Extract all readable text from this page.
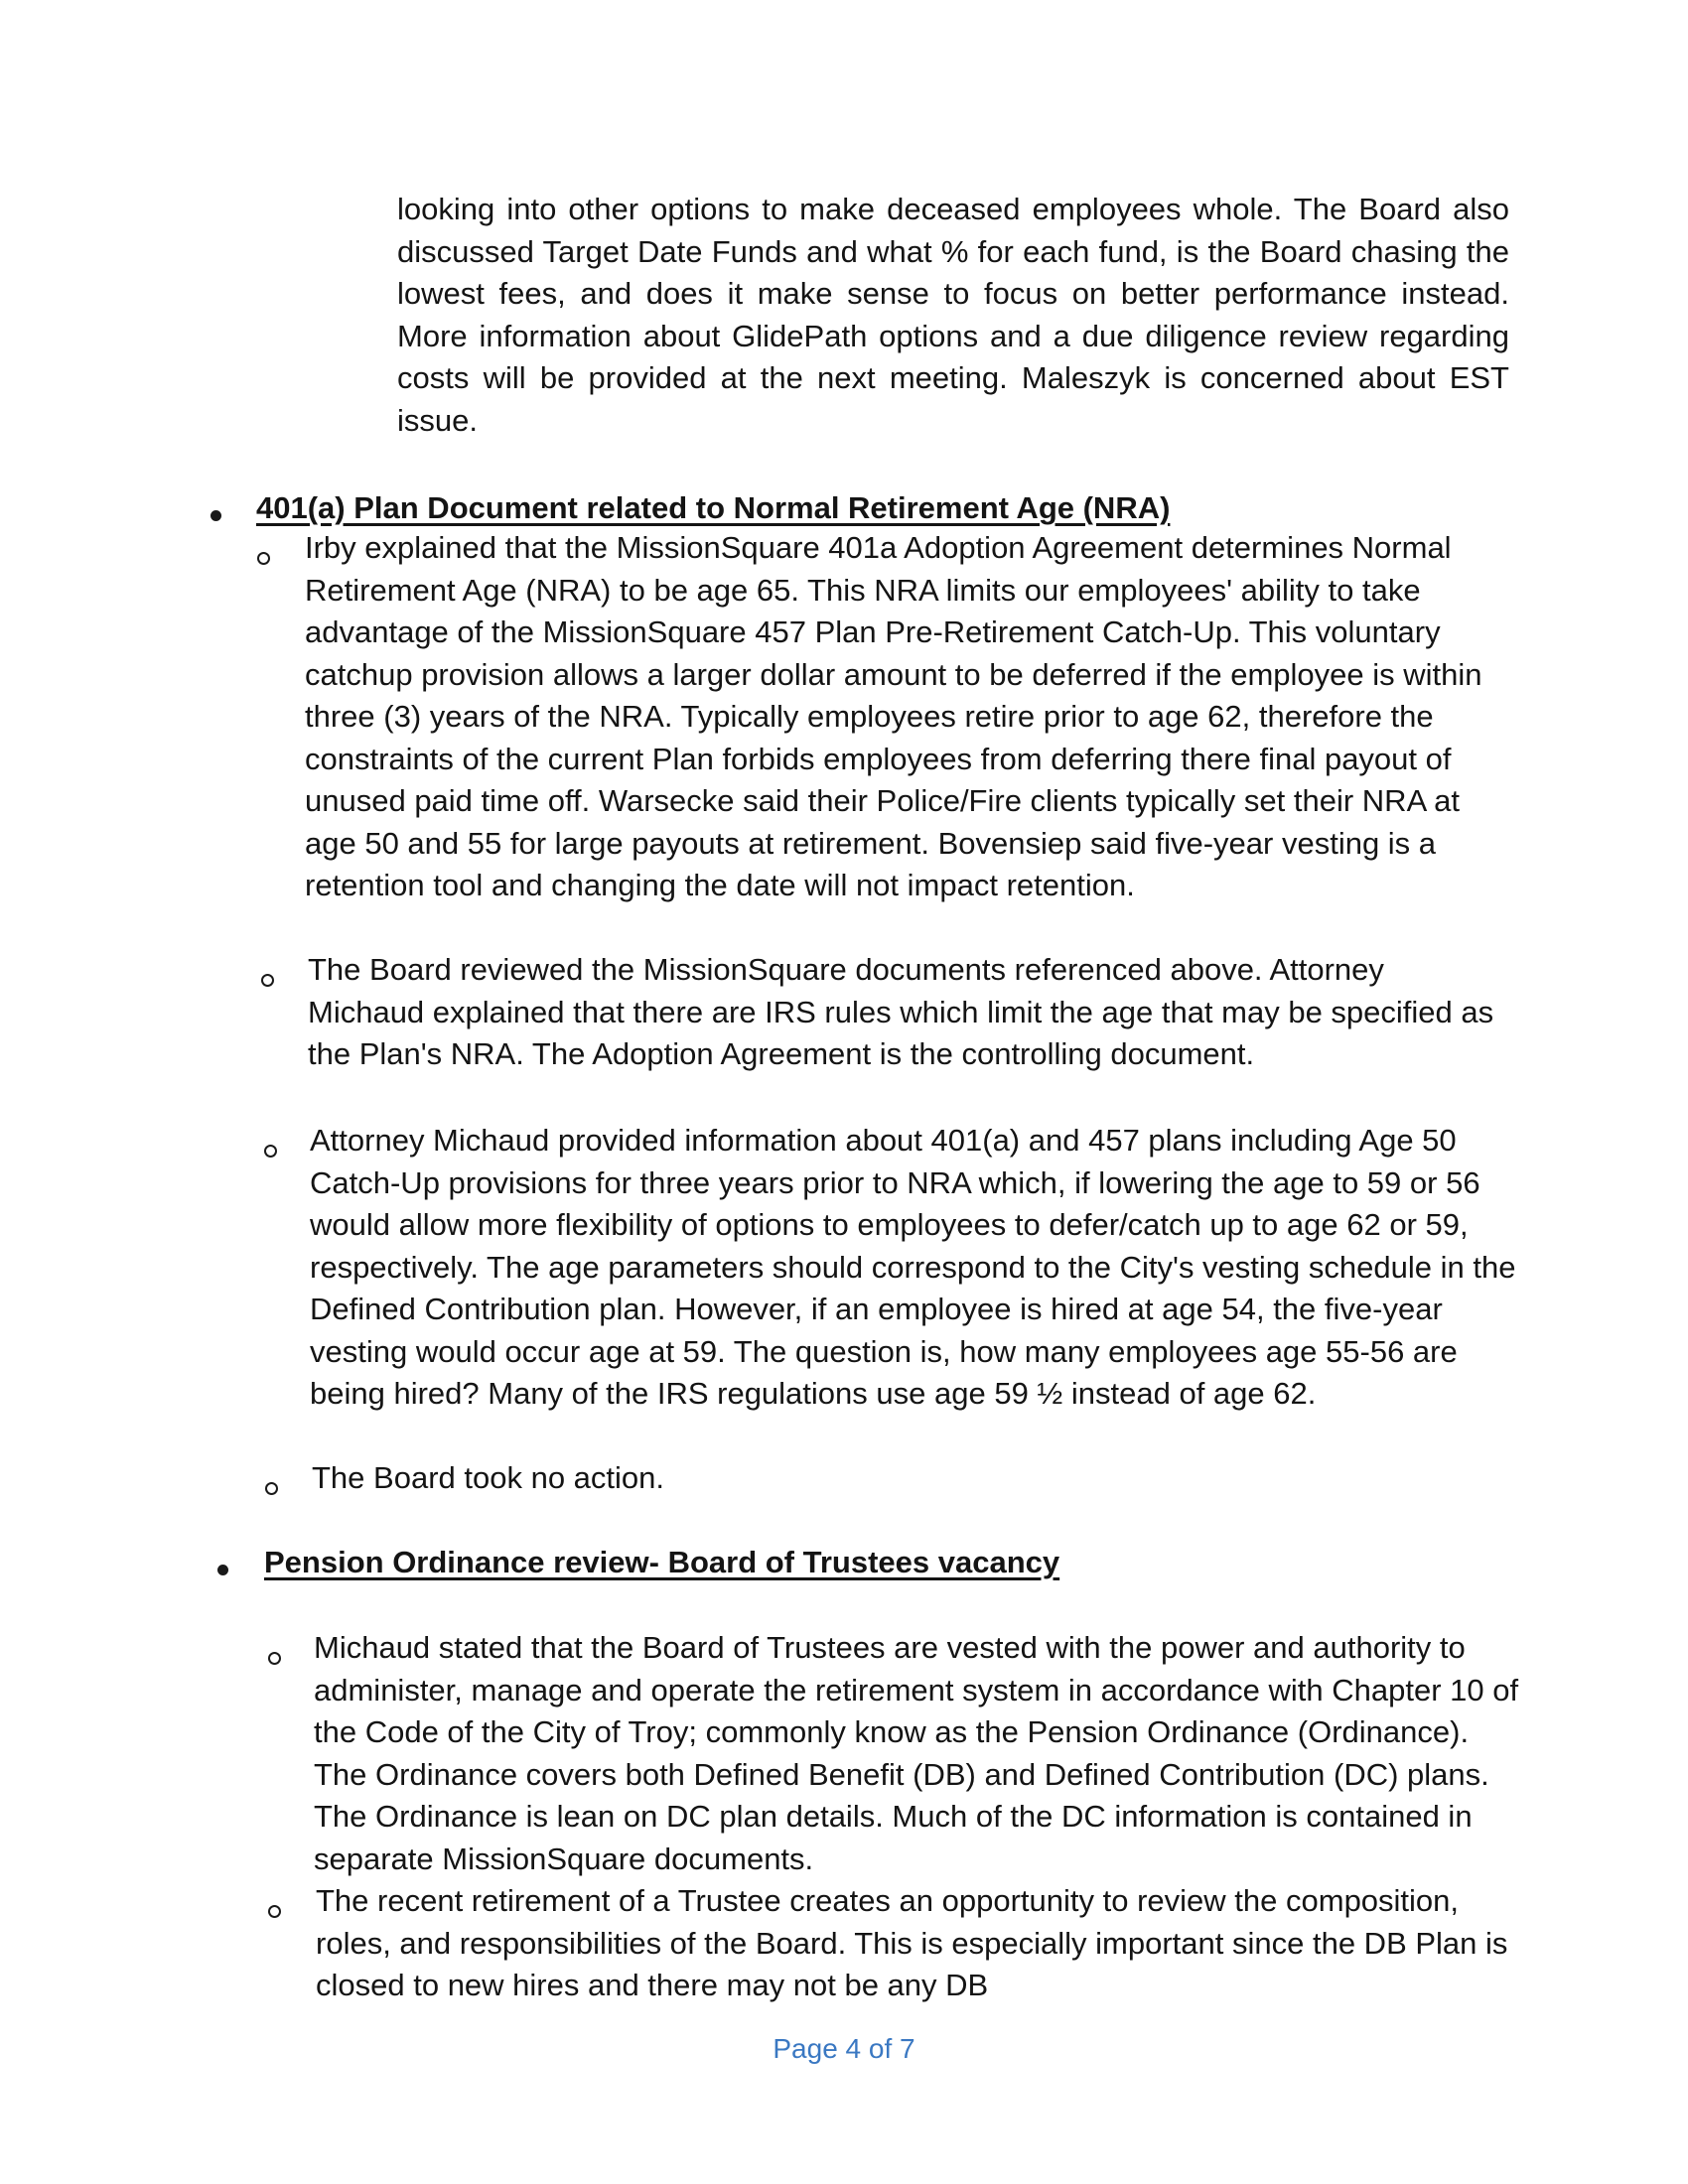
looking into other options to make deceased employees whole. The Board also discussed Target Date Funds and what % for each fund, is the Board chasing the lowest fees, and does it make sense to focus on better performance instead. More information about GlidePath options and a due diligence review regarding costs will be provided at the next meeting. Maleszyk is concerned about EST issue.

401(a) Plan Document related to Normal Retirement Age (NRA)

Irby explained that the MissionSquare 401a Adoption Agreement determines Normal Retirement Age (NRA) to be age 65. This NRA limits our employees' ability to take advantage of the MissionSquare 457 Plan Pre-Retirement Catch-Up. This voluntary catchup provision allows a larger dollar amount to be deferred if the employee is within three (3) years of the NRA. Typically employees retire prior to age 62, therefore the constraints of the current Plan forbids employees from deferring there final payout of unused paid time off. Warsecke said their Police/Fire clients typically set their NRA at age 50 and 55 for large payouts at retirement. Bovensiep said five-year vesting is a retention tool and changing the date will not impact retention.

The Board reviewed the MissionSquare documents referenced above. Attorney Michaud explained that there are IRS rules which limit the age that may be specified as the Plan's NRA. The Adoption Agreement is the controlling document.

Attorney Michaud provided information about 401(a) and 457 plans including Age 50 Catch-Up provisions for three years prior to NRA which, if lowering the age to 59 or 56 would allow more flexibility of options to employees to defer/catch up to age 62 or 59, respectively. The age parameters should correspond to the City's vesting schedule in the Defined Contribution plan. However, if an employee is hired at age 54, the five-year vesting would occur age at 59. The question is, how many employees age 55-56 are being hired? Many of the IRS regulations use age 59 ½ instead of age 62.

The Board took no action.

Pension Ordinance review- Board of Trustees vacancy

Michaud stated that the Board of Trustees are vested with the power and authority to administer, manage and operate the retirement system in accordance with Chapter 10 of the Code of the City of Troy; commonly know as the Pension Ordinance (Ordinance). The Ordinance covers both Defined Benefit (DB) and Defined Contribution (DC) plans. The Ordinance is lean on DC plan details. Much of the DC information is contained in separate MissionSquare documents.

The recent retirement of a Trustee creates an opportunity to review the composition, roles, and responsibilities of the Board. This is especially important since the DB Plan is closed to new hires and there may not be any DB

Page 4 of 7
